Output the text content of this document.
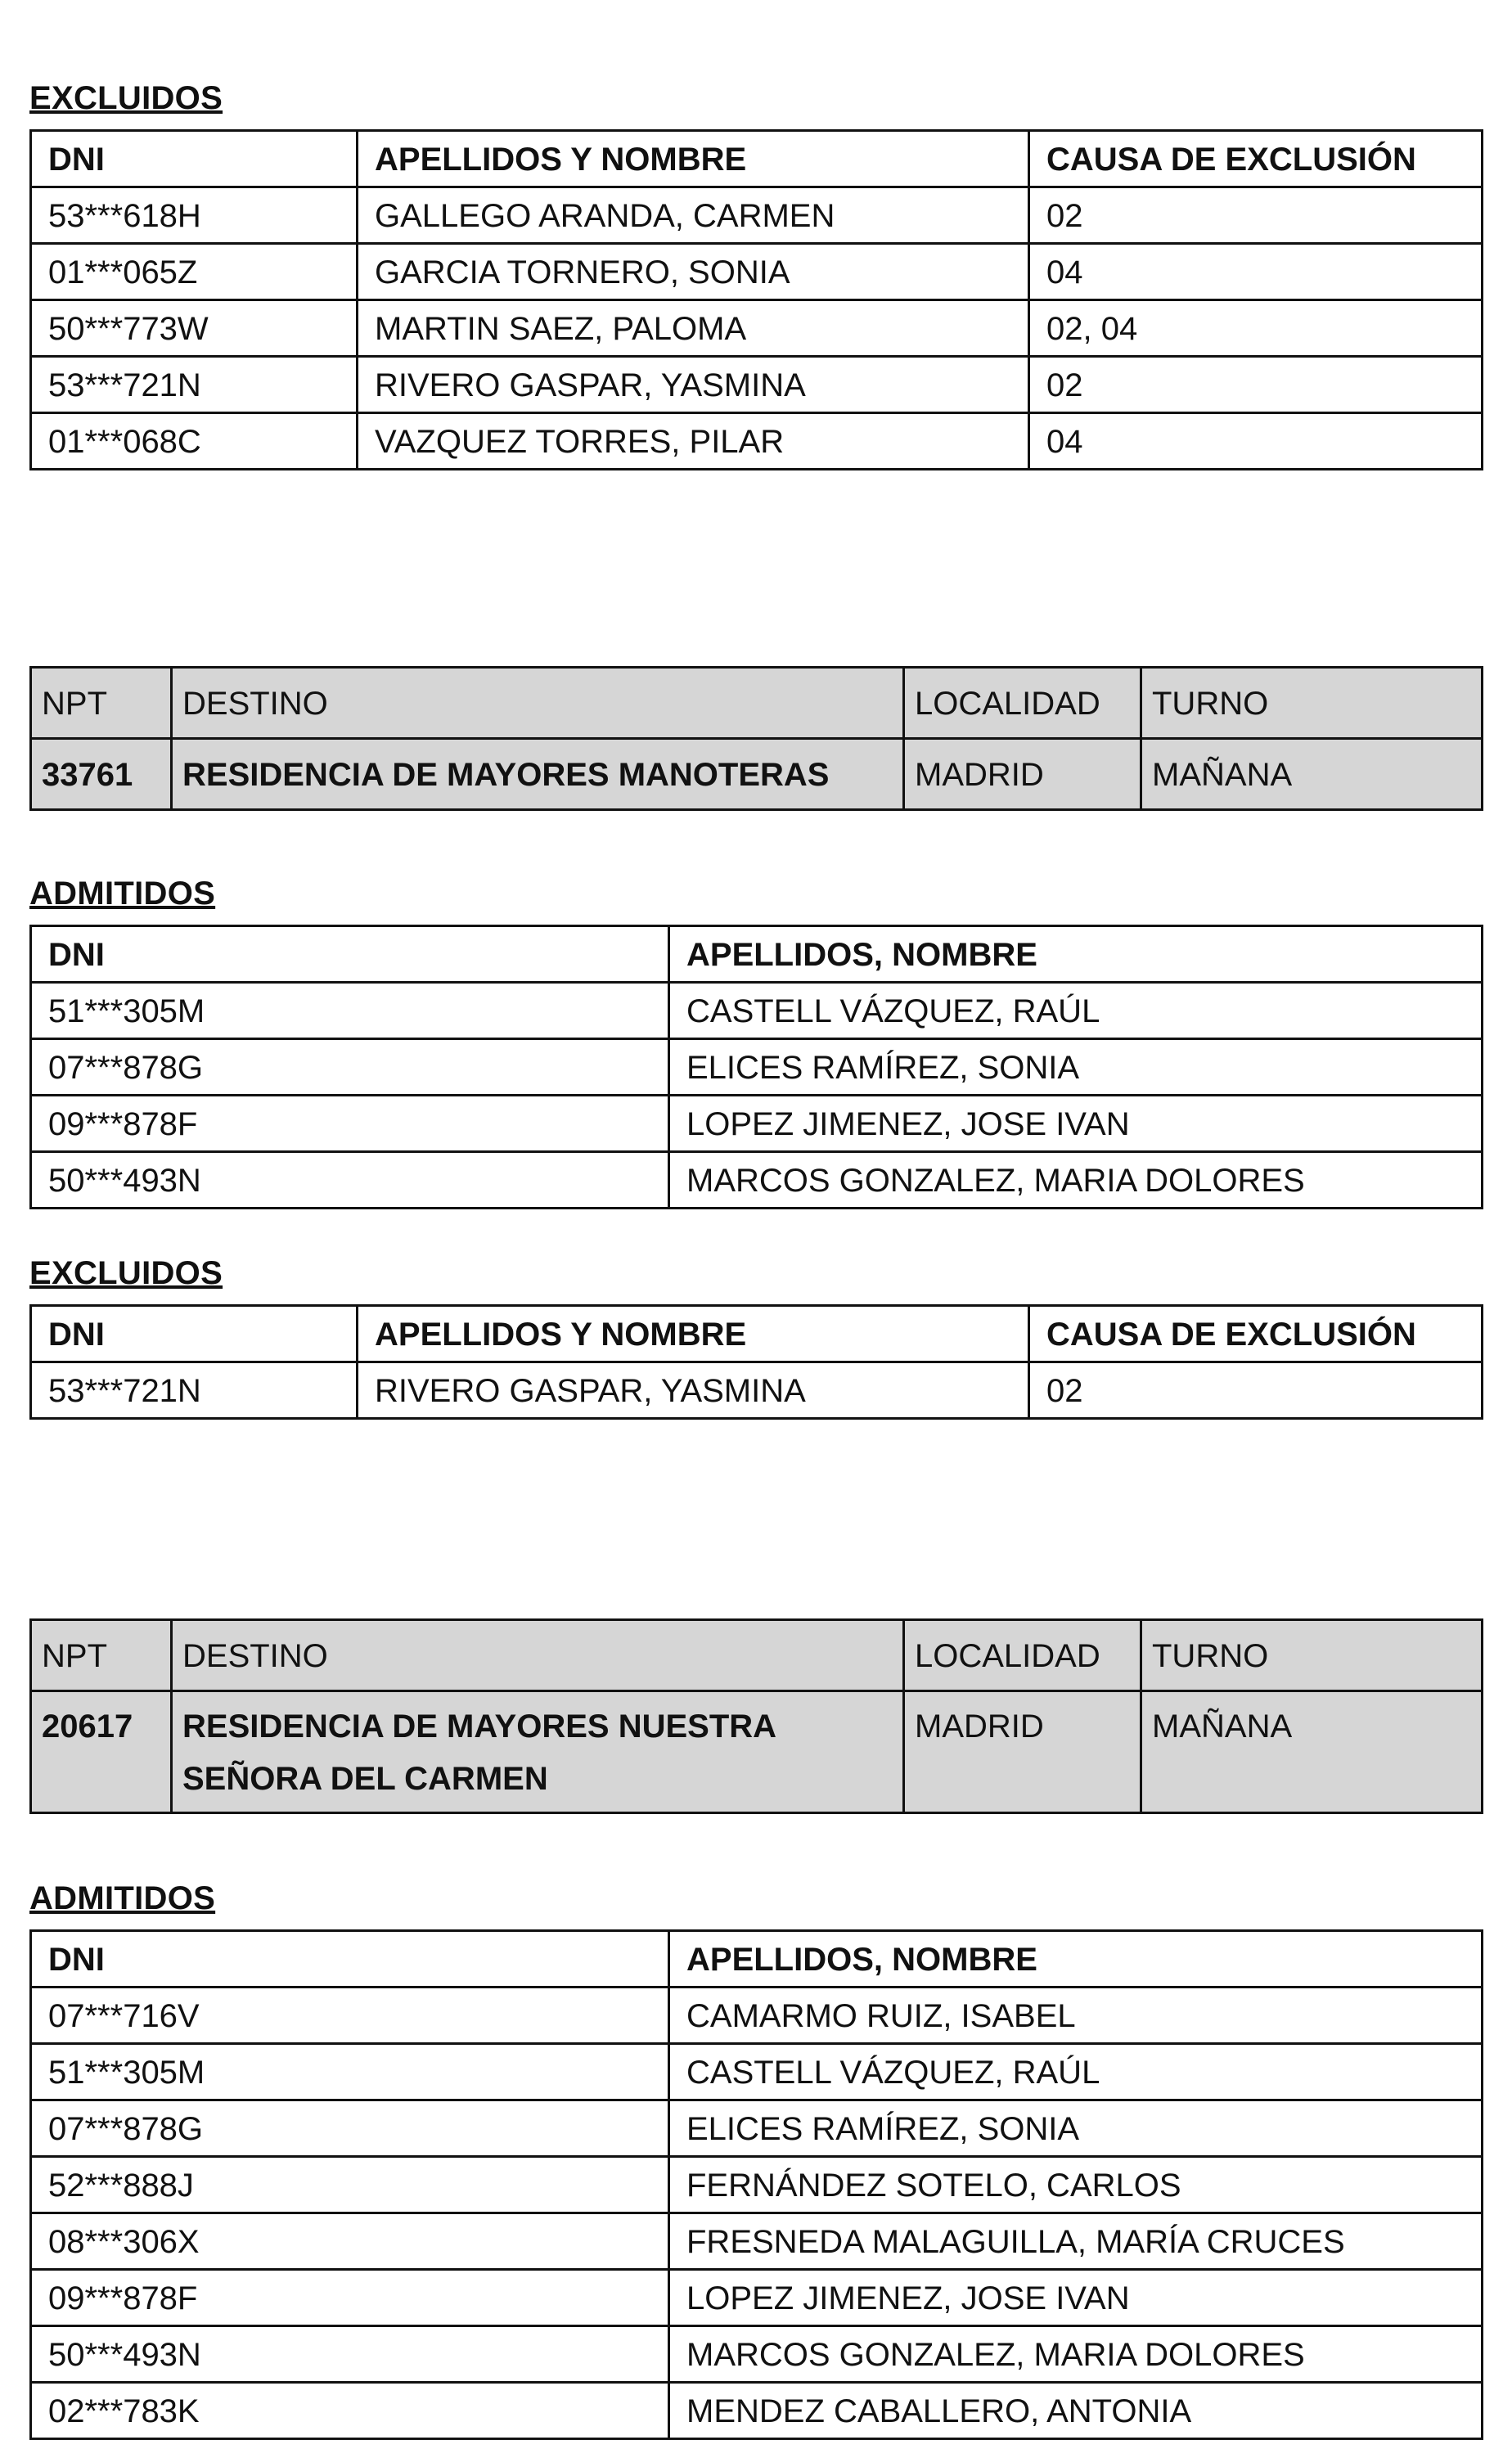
EXCLUIDOS
DNI	APELLIDOS Y NOMBRE	CAUSA DE EXCLUSIÓN
53***618H	GALLEGO ARANDA, CARMEN	02
01***065Z	GARCIA TORNERO, SONIA	04
50***773W	MARTIN SAEZ, PALOMA	02, 04
53***721N	RIVERO GASPAR, YASMINA	02
01***068C	VAZQUEZ TORRES, PILAR	04
NPT	DESTINO	LOCALIDAD	TURNO
33761	RESIDENCIA DE MAYORES MANOTERAS	MADRID	MAÑANA
ADMITIDOS
DNI	APELLIDOS, NOMBRE
51***305M	CASTELL VÁZQUEZ, RAÚL
07***878G	ELICES RAMÍREZ, SONIA
09***878F	LOPEZ JIMENEZ, JOSE IVAN
50***493N	MARCOS GONZALEZ, MARIA DOLORES
EXCLUIDOS
DNI	APELLIDOS Y NOMBRE	CAUSA DE EXCLUSIÓN
53***721N	RIVERO GASPAR, YASMINA	02
NPT	DESTINO	LOCALIDAD	TURNO
20617	RESIDENCIA DE MAYORES NUESTRA SEÑORA DEL CARMEN	MADRID	MAÑANA
ADMITIDOS
DNI	APELLIDOS, NOMBRE
07***716V	CAMARMO RUIZ, ISABEL
51***305M	CASTELL VÁZQUEZ, RAÚL
07***878G	ELICES RAMÍREZ, SONIA
52***888J	FERNÁNDEZ SOTELO, CARLOS
08***306X	FRESNEDA MALAGUILLA, MARÍA CRUCES
09***878F	LOPEZ JIMENEZ, JOSE IVAN
50***493N	MARCOS GONZALEZ, MARIA DOLORES
02***783K	MENDEZ CABALLERO, ANTONIA
